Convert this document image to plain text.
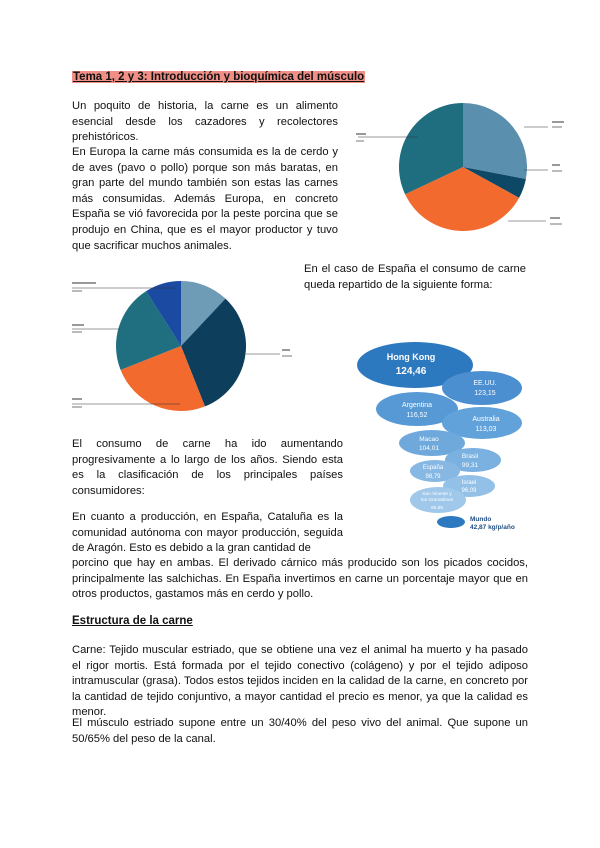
Tema 1, 2 y 3: Introducción y bioquímica del músculo

Un poquito de historia, la carne es un alimento esencial desde los cazadores y recolectores prehistóricos.

En Europa la carne más consumida es la de cerdo y de aves (pavo o pollo) porque son más baratas, en gran parte del mundo también son estas las carnes más consumidas. Además Europa, en concreto España se vió favorecida por la peste porcina que se produjo en China, que es el mayor productor y tuvo que sacrificar muchos animales.

En el caso de España el consumo de carne queda repartido de la siguiente forma:

Hong Kong
124,46
EE.UU.
123,15
Argentina
116,52
Australia
113,03
Macao
104,01
Brasil
99,31
España
98,79
Israel
96,09
San Vicente y
los Granadinas
95,65
Mundo
42,87 kg/p/año

El consumo de carne ha ido aumentando progresivamente a lo largo de los años. Siendo esta es la clasificación de los principales países consumidores:

En cuanto a producción, en España, Cataluña es la comunidad autónoma con mayor producción, seguida de Aragón. Esto es debido a la gran cantidad de

porcino que hay en ambas. El derivado cárnico más producido son los picados cocidos, principalmente las salchichas. En España invertimos en carne un porcentaje mayor que en otros productos, gastamos más en cerdo y pollo.

Estructura de la carne

Carne: Tejido muscular estriado, que se obtiene una vez el animal ha muerto y ha pasado el rigor mortis. Está formada por el tejido conectivo (colágeno) y por el tejido adiposo intramuscular (grasa). Todos estos tejidos inciden en la calidad de la carne, en concreto por la cantidad de tejido conjuntivo, a mayor cantidad el precio es menor, ya que la calidad es menor.

El músculo estriado supone entre un 30/40% del peso vivo del animal. Que supone un 50/65% del peso de la canal.
